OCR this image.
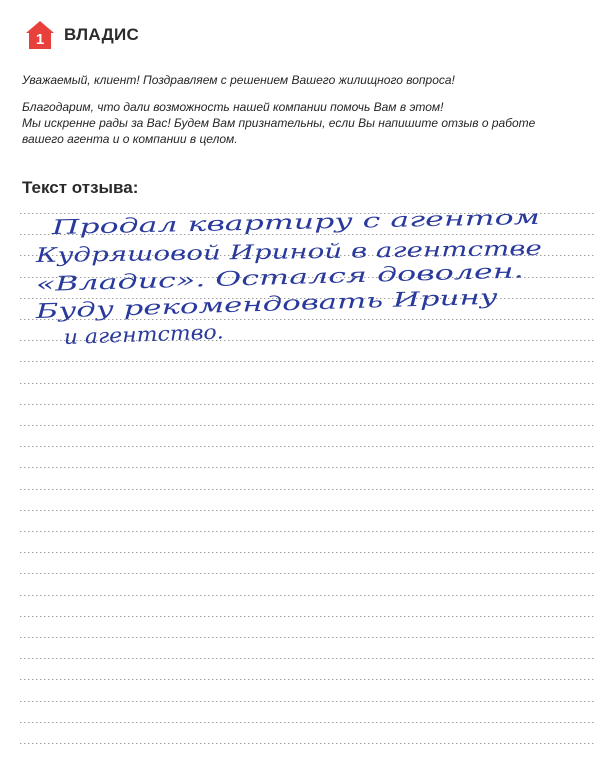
1 ВЛАДИС

Уважаемый, клиент! Поздравляем с решением Вашего жилищного вопроса!

Благодарим, что дали возможность нашей компании помочь Вам в этом!

Мы искренне рады за Вас! Будем Вам признательны, если Вы напишите отзыв о работе

вашего агента и о компании в целом.

Текст отзыва:
Продал квартиру с агентом
Кудряшовой Ириной в агентстве
«Владис». Остался доволен.
Буду рекомендовать Ирину
и агентство.
